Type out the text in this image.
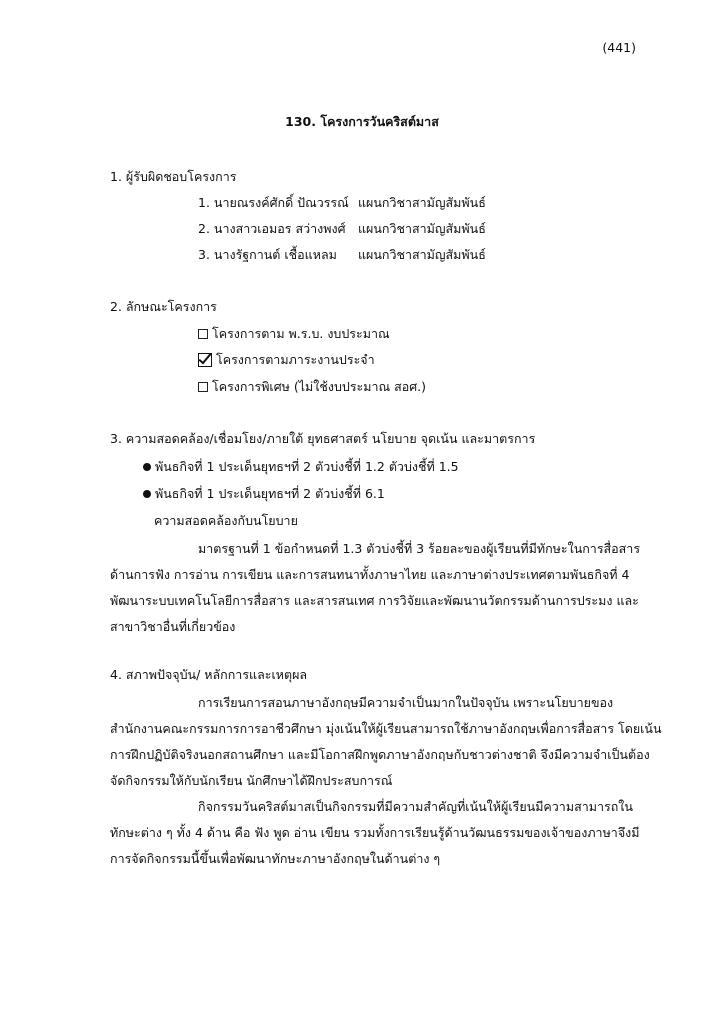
(441)
130. โครงการวันคริสต์มาส
1. ผู้รับผิดชอบโครงการ
1. นายณรงค์ศักดิ์ ปัณวรรณ์ แผนกวิชาสามัญสัมพันธ์
2. นางสาวเอมอร สว่างพงศ์ แผนกวิชาสามัญสัมพันธ์
3. นางรัฐกานต์ เชื้อแหลม แผนกวิชาสามัญสัมพันธ์
2. ลักษณะโครงการ
โครงการตาม พ.ร.บ. งบประมาณ
โครงการตามภาระงานประจำ
โครงการพิเศษ (ไม่ใช้งบประมาณ สอศ.)
3. ความสอดคล้อง/เชื่อมโยง/ภายใต้ ยุทธศาสตร์ นโยบาย จุดเน้น และมาตรการ
พันธกิจที่ 1 ประเด็นยุทธฯที่ 2 ตัวบ่งชี้ที่ 1.2 ตัวบ่งชี้ที่ 1.5
พันธกิจที่ 1 ประเด็นยุทธฯที่ 2 ตัวบ่งชี้ที่ 6.1
ความสอดคล้องกับนโยบาย

มาตรฐานที่ 1 ข้อกำหนดที่ 1.3 ตัวบ่งชี้ที่ 3 ร้อยละของผู้เรียนที่มีทักษะในการสื่อสาร
ด้านการฟัง การอ่าน การเขียน และการสนทนาทั้งภาษาไทย และภาษาต่างประเทศตามพันธกิจที่ 4
พัฒนาระบบเทคโนโลยีการสื่อสาร และสารสนเทศ การวิจัยและพัฒนานวัตกรรมด้านการประมง และ
สาขาวิชาอื่นที่เกี่ยวข้อง

4. สภาพปัจจุบัน/ หลักการและเหตุผล

การเรียนการสอนภาษาอังกฤษมีความจำเป็นมากในปัจจุบัน เพราะนโยบายของ
สำนักงานคณะกรรมการการอาชีวศึกษา มุ่งเน้นให้ผู้เรียนสามารถใช้ภาษาอังกฤษเพื่อการสื่อสาร โดยเน้น
การฝึกปฏิบัติจริงนอกสถานศึกษา และมีโอกาสฝึกพูดภาษาอังกฤษกับชาวต่างชาติ จึงมีความจำเป็นต้อง
จัดกิจกรรมให้กับนักเรียน นักศึกษาได้ฝึกประสบการณ์

กิจกรรมวันคริสต์มาสเป็นกิจกรรมที่มีความสำคัญที่เน้นให้ผู้เรียนมีความสามารถใน
ทักษะต่าง ๆ ทั้ง 4 ด้าน คือ ฟัง พูด อ่าน เขียน รวมทั้งการเรียนรู้ด้านวัฒนธรรมของเจ้าของภาษาจึงมี
การจัดกิจกรรมนี้ขึ้นเพื่อพัฒนาทักษะภาษาอังกฤษในด้านต่าง ๆ
